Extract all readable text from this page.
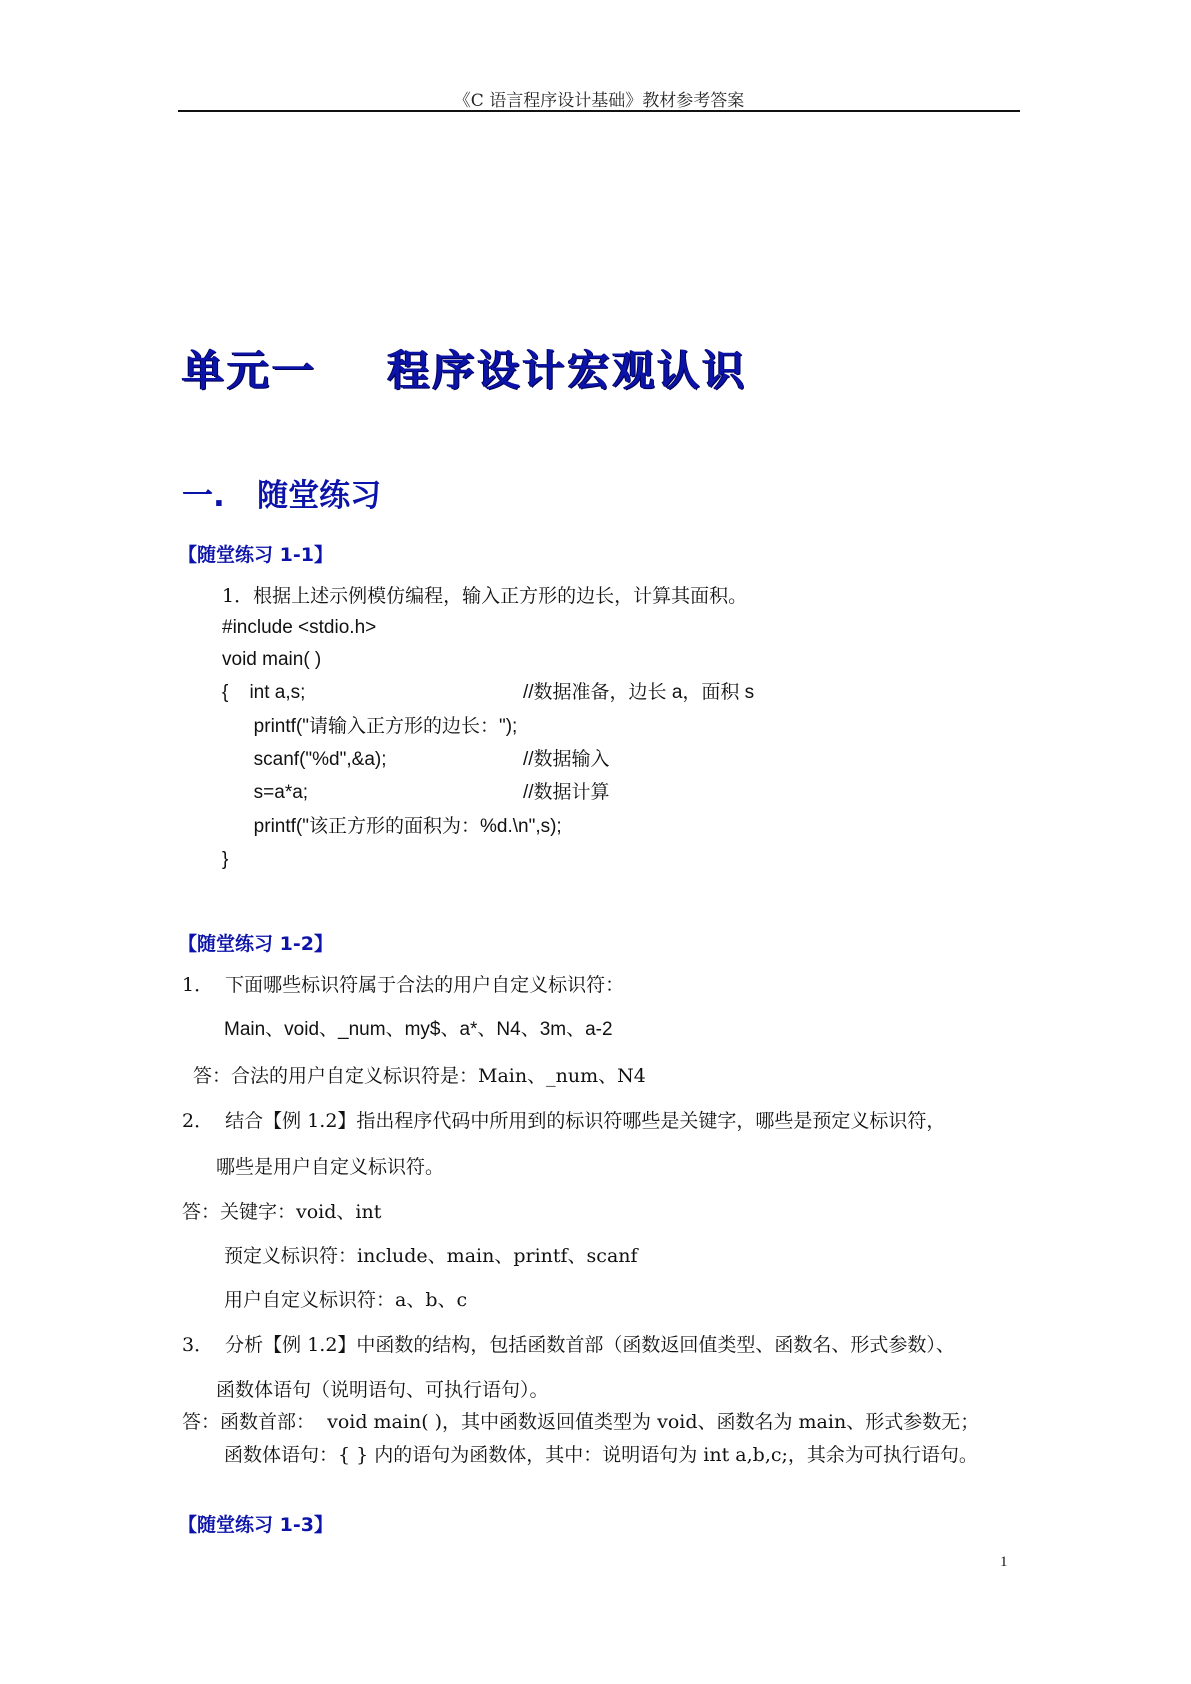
《C 语言程序设计基础》教材参考答案
单元一    程序设计宏观认识
一.   随堂练习
【随堂练习 1-1】
1．根据上述示例模仿编程，输入正方形的边长，计算其面积。
#include <stdio.h>
void main( )
{    int a,s;	//数据准备，边长 a，面积 s
printf("请输入正方形的边长：");
scanf("%d",&a);	//数据输入
s=a*a;	//数据计算
printf("该正方形的面积为：%d.\n",s);
}
【随堂练习 1-2】
1．  下面哪些标识符属于合法的用户自定义标识符：
Main、void、_num、my$、a*、N4、3m、a-2
答：合法的用户自定义标识符是：Main、_num、N4
2．  结合【例 1.2】指出程序代码中所用到的标识符哪些是关键字，哪些是预定义标识符，
哪些是用户自定义标识符。
答：关键字：void、int
预定义标识符：include、main、printf、scanf
用户自定义标识符：a、b、c
3．  分析【例 1.2】中函数的结构，包括函数首部（函数返回值类型、函数名、形式参数）、
函数体语句（说明语句、可执行语句）。
答：函数首部：  void main( )，其中函数返回值类型为 void、函数名为 main、形式参数无；
函数体语句：{ } 内的语句为函数体，其中：说明语句为 int a,b,c;，其余为可执行语句。
【随堂练习 1-3】
1
